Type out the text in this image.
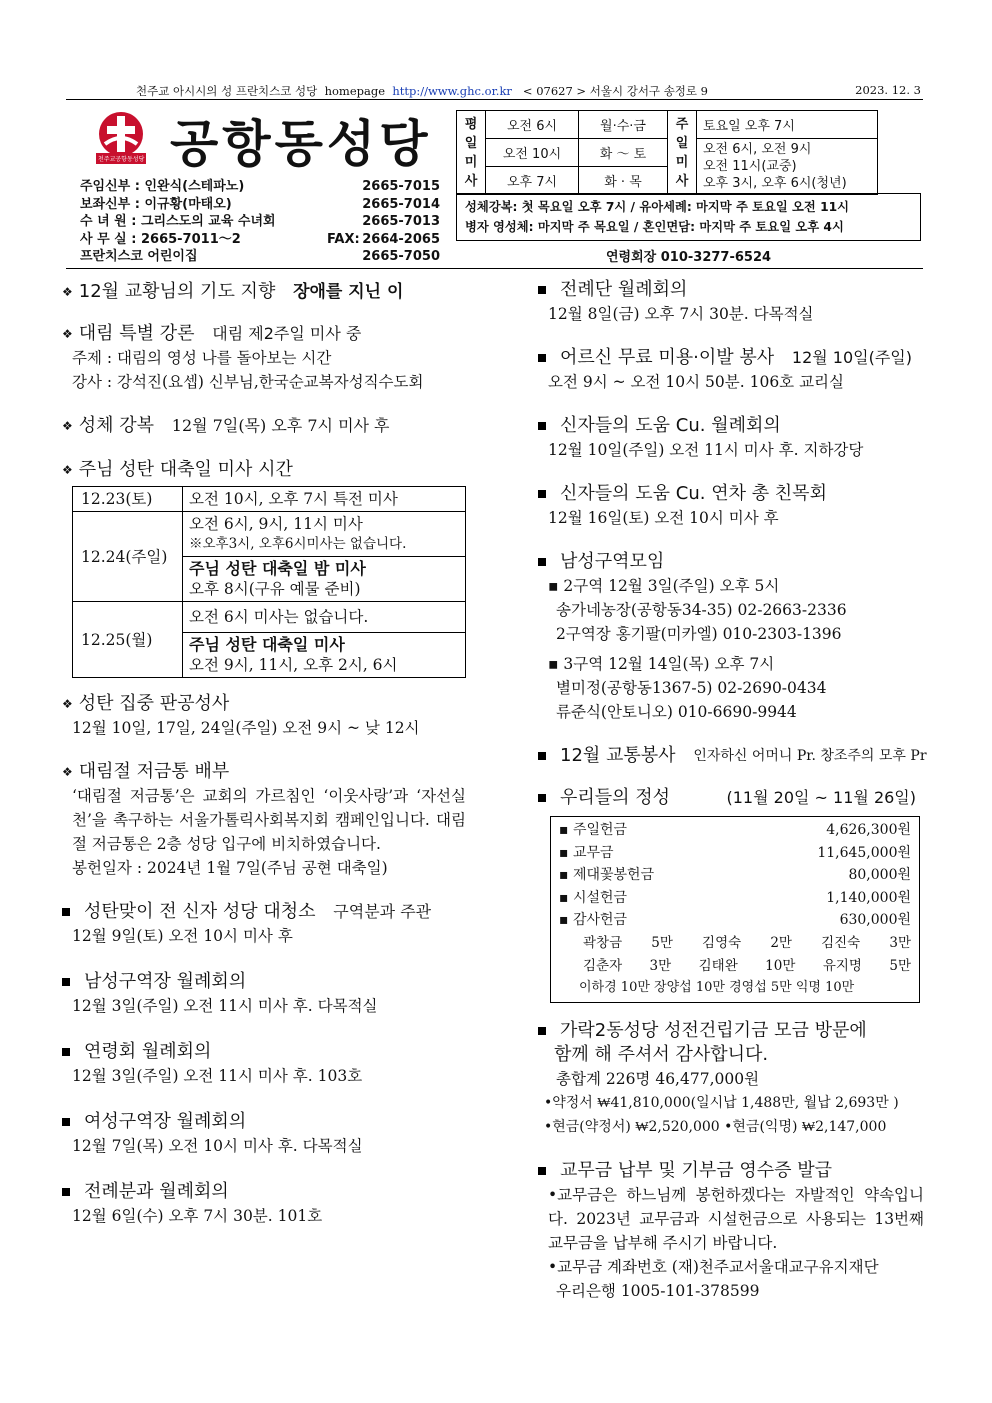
천주교 아시시의 성 프란치스코 성당 homepage http://www.ghc.or.kr < 07627 > 서울시 강서구 송정로 9	2023. 12. 3
천주교공항동성당 공항동성당
주임신부 : 인완식(스테파노)	2665-7015
보좌신부 : 이규황(마태오)	2665-7014
수 녀 원 : 그리스도의 교육 수녀회	2665-7013
사 무 실 : 2665-7011～2	FAX: 2664-2065
프란치스코 어린이집	2665-7050
평일미사	오전 6시	월·수·금	주일미사	토요일 오후 7시
	오전 10시	화 ～ 토		오전 6시, 오전 9시
오전 11시(교중)
오후 3시, 오후 6시(청년)

	오후 7시	화 · 목		
성체강복: 첫 목요일 오후 7시 / 유아세례: 마지막 주 토요일 오전 11시
병자 영성체: 마지막 주 목요일 / 혼인면담: 마지막 주 토요일 오후 4시
연령회장 010-3277-6524
❖ 12월 교황님의 기도 지향
장애를 지닌 이
❖ 대림 특별 강론
대림 제2주일 미사 중
주제 : 대림의 영성 나를 돌아보는 시간
강사 : 강석진(요셉) 신부님,한국순교복자성직수도회
❖ 성체 강복
12월 7일(목) 오후 7시 미사 후
❖ 주님 성탄 대축일 미사 시간
12.23(토)	오전 10시, 오후 7시 특전 미사
12.24(주일)	오전 6시, 9시, 11시 미사
※오후3시, 오후6시미사는 없습니다.

	주님 성탄 대축일 밤 미사
오후 8시(구유 예물 준비)

12.25(월)	오전 6시 미사는 없습니다.

	주님 성탄 대축일 미사
오전 9시, 11시, 오후 2시, 6시
❖ 성탄 집중 판공성사
12월 10일, 17일, 24일(주일) 오전 9시 ~ 낮 12시
❖ 대림절 저금통 배부
‘대림절 저금통’은 교회의 가르침인 ‘이웃사랑’과 ‘자선실천’을 촉구하는 서울가톨릭사회복지회 캠페인입니다. 대림절 저금통은 2층 성당 입구에 비치하였습니다.
봉헌일자 : 2024년 1월 7일(주님 공현 대축일)
성탄맞이 전 신자 성당 대청소
구역분과 주관
12월 9일(토) 오전 10시 미사 후
남성구역장 월례회의
12월 3일(주일) 오전 11시 미사 후. 다목적실
연령회 월례회의
12월 3일(주일) 오전 11시 미사 후. 103호
여성구역장 월례회의
12월 7일(목) 오전 10시 미사 후. 다목적실
전례분과 월례회의
12월 6일(수) 오후 7시 30분. 101호
전례단 월례회의
12월 8일(금) 오후 7시 30분. 다목적실
어르신 무료 미용·이발 봉사
12월 10일(주일)
오전 9시 ~ 오전 10시 50분. 106호 교리실
신자들의 도움 Cu. 월례회의
12월 10일(주일) 오전 11시 미사 후. 지하강당
신자들의 도움 Cu. 연차 총 친목회
12월 16일(토) 오전 10시 미사 후
남성구역모임
▪ 2구역 12월 3일(주일) 오후 5시
송가네농장(공항동34-35) 02-2663-2336
2구역장 홍기팔(미카엘) 010-2303-1396
▪ 3구역 12월 14일(목) 오후 7시
별미정(공항동1367-5) 02-2690-0434
류준식(안토니오) 010-6690-9944
12월 교통봉사
인자하신 어머니 Pr. 창조주의 모후 Pr
우리들의 정성	(11월 20일 ~ 11월 26일)
▪ 주일헌금	4,626,300원
▪ 교무금	11,645,000원
▪ 제대꽃봉헌금	80,000원
▪ 시설헌금	1,140,000원
▪ 감사헌금	630,000원
곽창금 5만 김영숙 2만 김진숙 3만
김춘자 3만 김태완 10만 유지명 5만
이하경 10만 장양섭 10만 경영섭 5만 익명 10만
가락2동성당 성전건립기금 모금 방문에
함께 해 주셔서 감사합니다.
총합계 226명 46,477,000원
•약정서 ₩41,810,000(일시납 1,488만, 월납 2,693만 )
•현금(약정서) ₩2,520,000 •현금(익명) ₩2,147,000
교무금 납부 및 기부금 영수증 발급
•교무금은 하느님께 봉헌하겠다는 자발적인 약속입니다. 2023년 교무금과 시설헌금으로 사용되는 13번째 교무금을 납부해 주시기 바랍니다.
•교무금 계좌번호 (재)천주교서울대교구유지재단
우리은행 1005-101-378599
